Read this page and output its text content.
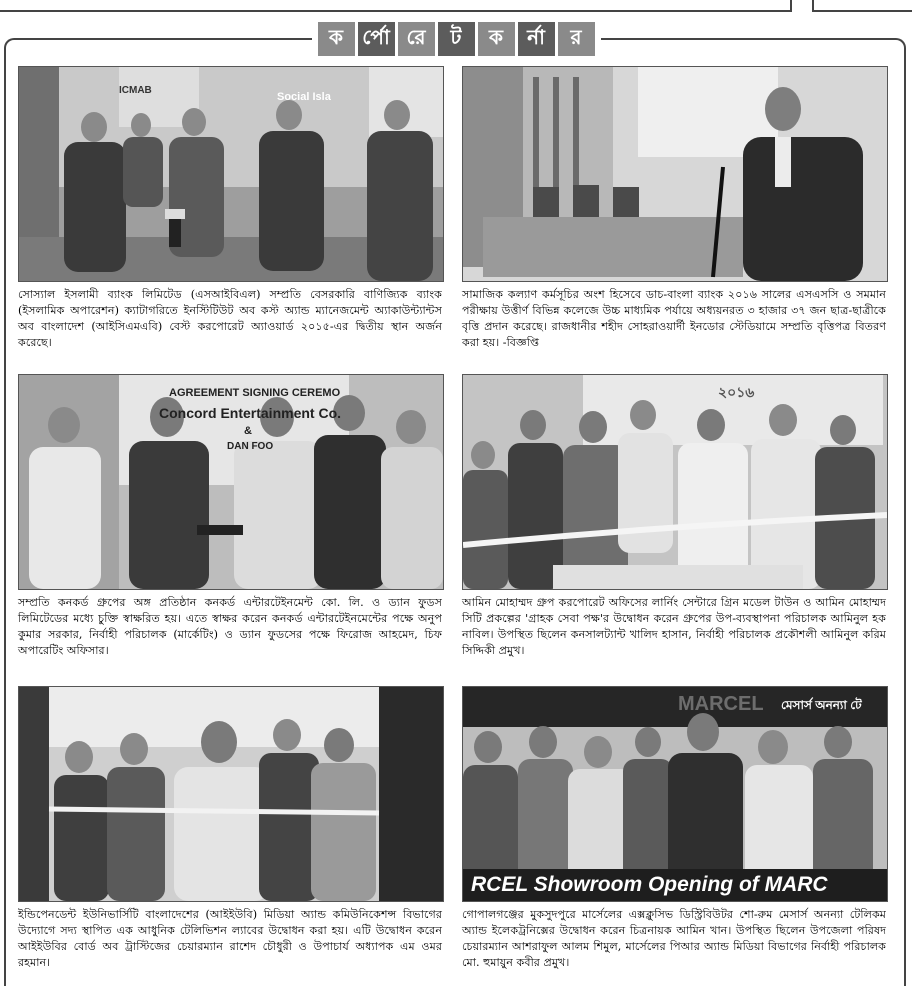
ক র্পো রে	ট	ক	র্না	র
Social Isla
ICMAB
সোস্যাল ইসলামী ব্যাংক লিমিটেড (এসআইবিএল) সম্প্রতি বেসরকারি বাণিজ্যিক ব্যাংক (ইসলামিক অপারেশন) ক্যাটাগরিতে ইনস্টিটিউট অব কস্ট অ্যান্ড ম্যানেজমেন্ট অ্যাকাউন্ট্যান্টস অব বাংলাদেশ (আইসিএমএবি) বেস্ট করপোরেট অ্যাওয়ার্ড ২০১৫-এর দ্বিতীয় স্থান অর্জন করেছে।
সামাজিক কল্যাণ কর্মসূচির অংশ হিসেবে ডাচ-বাংলা ব্যাংক ২০১৬ সালের এসএসসি ও সমমান পরীক্ষায় উত্তীর্ণ বিভিন্ন কলেজে উচ্চ মাধ্যমিক পর্যায়ে অধ্যয়নরত ৩ হাজার ৩৭ জন ছাত্র-ছাত্রীকে বৃত্তি প্রদান করেছে। রাজধানীর শহীদ সোহরাওয়ার্দী ইনডোর স্টেডিয়ামে সম্প্রতি বৃত্তিপত্র বিতরণ করা হয়। -বিজ্ঞপ্তি
AGREEMENT SIGNING CEREMO
Concord Entertainment Co.
&
DAN FOO
সম্প্রতি কনকর্ড গ্রুপের অঙ্গ প্রতিষ্ঠান কনকর্ড এন্টারটেইনমেন্ট কো. লি. ও ড্যান ফুডস লিমিটেডের মধ্যে চুক্তি স্বাক্ষরিত হয়। এতে স্বাক্ষর করেন কনকর্ড এন্টারটেইনমেন্টের পক্ষে অনুপ কুমার সরকার, নির্বাহী পরিচালক (মার্কেটিং) ও ড্যান ফুডসের পক্ষে ফিরোজ আহমেদ, চিফ অপারেটিং অফিসার।
২০১৬
আমিন মোহাম্মদ গ্রুপ করপোরেট অফিসের লার্নিং সেন্টারে গ্রিন মডেল টাউন ও আমিন মোহাম্মদ সিটি প্রকল্পের 'গ্রাহক সেবা পক্ষ'র উদ্বোধন করেন গ্রুপের উপ-ব্যবস্থাপনা পরিচালক আমিনুল হক নাবিল। উপস্থিত ছিলেন কনসালট্যান্ট খালিদ হাসান, নির্বাহী পরিচালক প্রকৌশলী আমিনুল করিম সিদ্দিকী প্রমুখ।
ইন্ডিপেনডেন্ট ইউনিভার্সিটি বাংলাদেশের (আইইউবি) মিডিয়া অ্যান্ড কমিউনিকেশন্স বিভাগের উদ্যোগে সদ্য স্থাপিত এক আধুনিক টেলিভিশন ল্যাবের উদ্বোধন করা হয়। এটি উদ্বোধন করেন আইইউবির বোর্ড অব ট্রাস্টিজের চেয়ারম্যান রাশেদ চৌধুরী ও উপাচার্য অধ্যাপক এম ওমর রহমান।
মেসার্স অনন্যা টে
RCEL Showroom Opening of MARC
MARCEL
গোপালগঞ্জের মুকসুদপুরে মার্সেলের এক্সক্লুসিভ ডিস্ট্রিবিউটর শো-রুম মেসার্স অনন্যা টেলিকম অ্যান্ড ইলেকট্রনিক্সের উদ্বোধন করেন চিত্রনায়ক আমিন খান। উপস্থিত ছিলেন উপজেলা পরিষদ চেয়ারম্যান আশরাফুল আলম শিমুল, মার্সেলের পিআর অ্যান্ড মিডিয়া বিভাগের নির্বাহী পরিচালক মো. হুমায়ুন কবীর প্রমুখ।
